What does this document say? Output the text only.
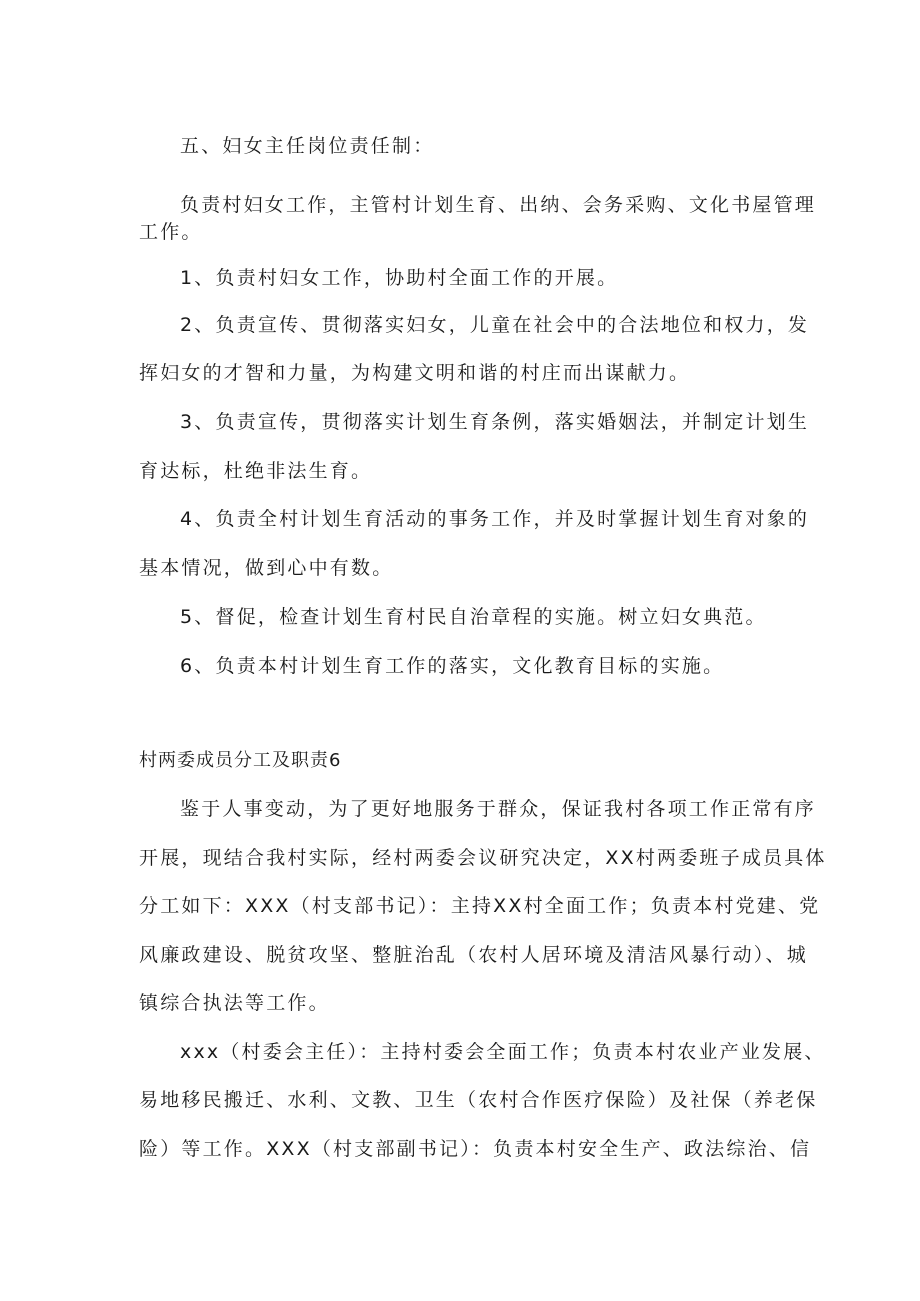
五、妇女主任岗位责任制：
负责村妇女工作，主管村计划生育、出纳、会务采购、文化书屋管理
工作。
1、负责村妇女工作，协助村全面工作的开展。
2、负责宣传、贯彻落实妇女，儿童在社会中的合法地位和权力，发
挥妇女的才智和力量，为构建文明和谐的村庄而出谋献力。
3、负责宣传，贯彻落实计划生育条例，落实婚姻法，并制定计划生
育达标，杜绝非法生育。
4、负责全村计划生育活动的事务工作，并及时掌握计划生育对象的
基本情况，做到心中有数。
5、督促，检查计划生育村民自治章程的实施。树立妇女典范。
6、负责本村计划生育工作的落实，文化教育目标的实施。
村两委成员分工及职责6
鉴于人事变动，为了更好地服务于群众，保证我村各项工作正常有序
开展，现结合我村实际，经村两委会议研究决定，XX村两委班子成员具体
分工如下：XXX（村支部书记）：主持XX村全面工作；负责本村党建、党
风廉政建设、脱贫攻坚、整脏治乱（农村人居环境及清洁风暴行动）、城
镇综合执法等工作。
xxx（村委会主任）：主持村委会全面工作；负责本村农业产业发展、
易地移民搬迁、水利、文教、卫生（农村合作医疗保险）及社保（养老保
险）等工作。XXX（村支部副书记）：负责本村安全生产、政法综治、信
